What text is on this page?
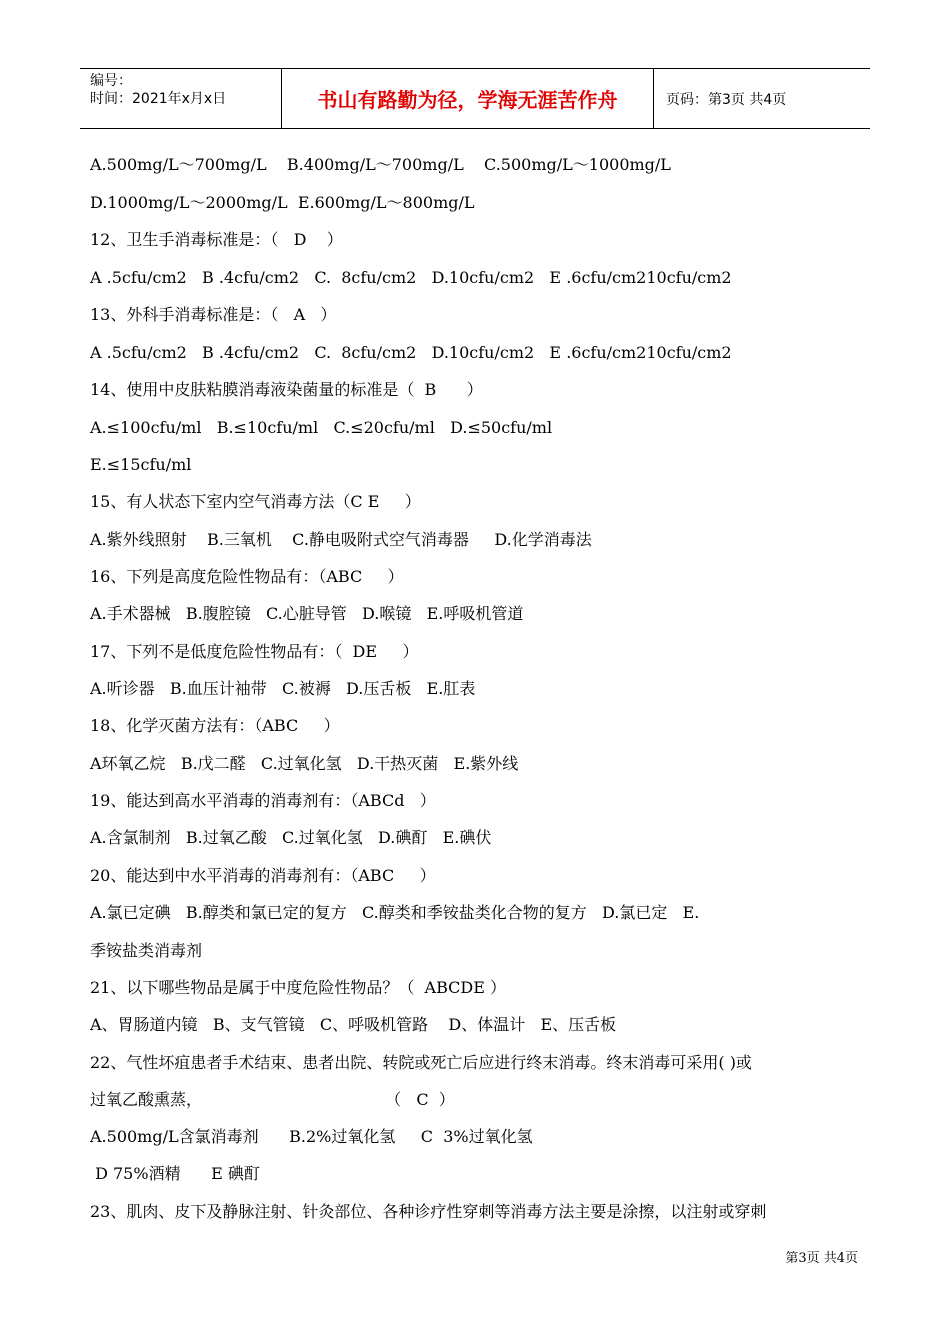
编号：
时间：2021年x月x日	书山有路勤为径，学海无涯苦作舟	页码：第3页 共4页
A.500mg/L～700mg/L    B.400mg/L～700mg/L    C.500mg/L～1000mg/L
D.1000mg/L～2000mg/L  E.600mg/L～800mg/L
12、卫生手消毒标准是：（   D    ）
A .5cfu/cm2   B .4cfu/cm2   C.  8cfu/cm2   D.10cfu/cm2   E .6cfu/cm210cfu/cm2
13、外科手消毒标准是：（   A   ）
A .5cfu/cm2   B .4cfu/cm2   C.  8cfu/cm2   D.10cfu/cm2   E .6cfu/cm210cfu/cm2
14、使用中皮肤粘膜消毒液染菌量的标准是（  B      ）
A.≤100cfu/ml   B.≤10cfu/ml   C.≤20cfu/ml   D.≤50cfu/ml
E.≤15cfu/ml
15、有人状态下室内空气消毒方法（C E     ）
A.紫外线照射    B.三氧机    C.静电吸附式空气消毒器     D.化学消毒法
16、下列是高度危险性物品有：（ABC     ）
A.手术器械   B.腹腔镜   C.心脏导管   D.喉镜   E.呼吸机管道
17、下列不是低度危险性物品有：（  DE     ）
A.听诊器   B.血压计袖带   C.被褥   D.压舌板   E.肛表
18、化学灭菌方法有：（ABC     ）
A环氧乙烷   B.戊二醛   C.过氧化氢   D.干热灭菌   E.紫外线
19、能达到高水平消毒的消毒剂有：（ABCd   ）
A.含氯制剂   B.过氧乙酸   C.过氧化氢   D.碘酊   E.碘伏
20、能达到中水平消毒的消毒剂有：（ABC     ）
A.氯已定碘   B.醇类和氯已定的复方   C.醇类和季铵盐类化合物的复方   D.氯已定   E.
季铵盐类消毒剂
21、以下哪些物品是属于中度危险性物品？（  ABCDE ）
A、胃肠道内镜   B、支气管镜   C、呼吸机管路    D、体温计   E、压舌板
22、气性坏疽患者手术结束、患者出院、转院或死亡后应进行终末消毒。终末消毒可采用( )或
过氧乙酸熏蒸，                                    （   C  ）
A.500mg/L含氯消毒剂      B.2%过氧化氢     C  3%过氧化氢
D 75%酒精      E 碘酊
23、肌肉、皮下及静脉注射、针灸部位、各种诊疗性穿刺等消毒方法主要是涂擦，以注射或穿刺
第3页 共4页
